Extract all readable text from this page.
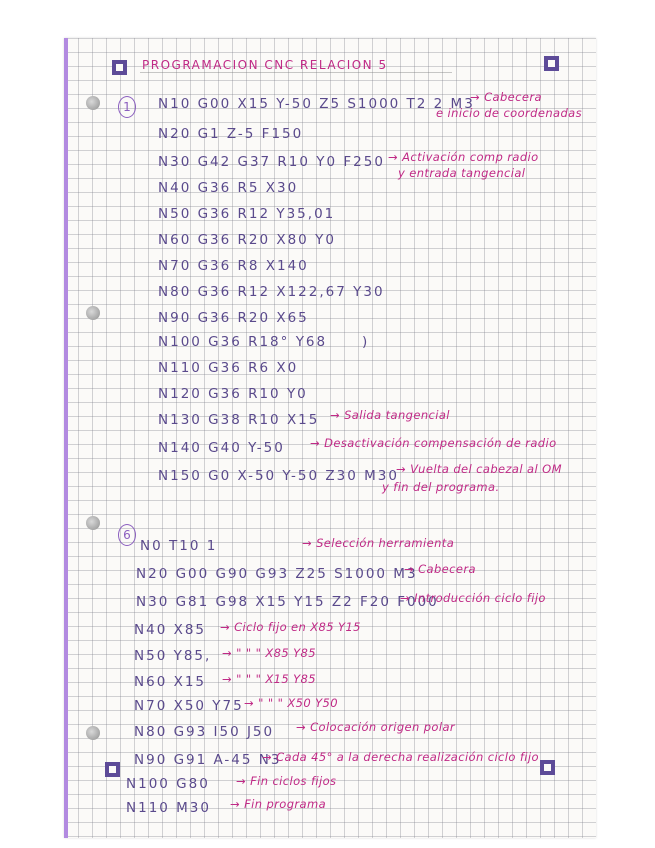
PROGRAMACION CNC RELACION 5
1	N10 G00 X15 Y-50 Z5 S1000 T2 2 M3
→ Cabecera
e inicio de coordenadas
N20 G1 Z-5 F150
N30 G42 G37 R10 Y0 F250 → Activación comp radio
y entrada tangencial
N40 G36 R5 X30
N50 G36 R12 Y35,01
N60 G36 R20 X80 Y0
N70 G36 R8 X140
N80 G36 R12 X122,67 Y30
N90 G36 R20 X65
N100 G36 R18° Y68	)
N110 G36 R6 X0
N120 G36 R10 Y0
N130 G38 R10 X15 → Salida tangencial
N140 G40 Y-50 → Desactivación compensación de radio
N150 G0 X-50 Y-50 Z30 M30
→ Vuelta del cabezal al OM
y fin del programa.
6
N0 T10 1	→ Selección herramienta
N20 G00 G90 G93 Z25 S1000 M3
→ Cabecera
N30 G81 G98 X15 Y15 Z2 F20 F000
→ Introducción ciclo fijo
N40 X85 → Ciclo fijo en X85 Y15
N50 Y85, → " " " X85 Y85
N60 X15 → " " " X15 Y85
N70 X50 Y75 → " " " X50 Y50
N80 G93 I50 J50 → Colocación origen polar
N90 G91 A-45 N3
→ Cada 45° a la derecha realización ciclo fijo
N100 G80 → Fin ciclos fijos
N110 M30 → Fin programa
